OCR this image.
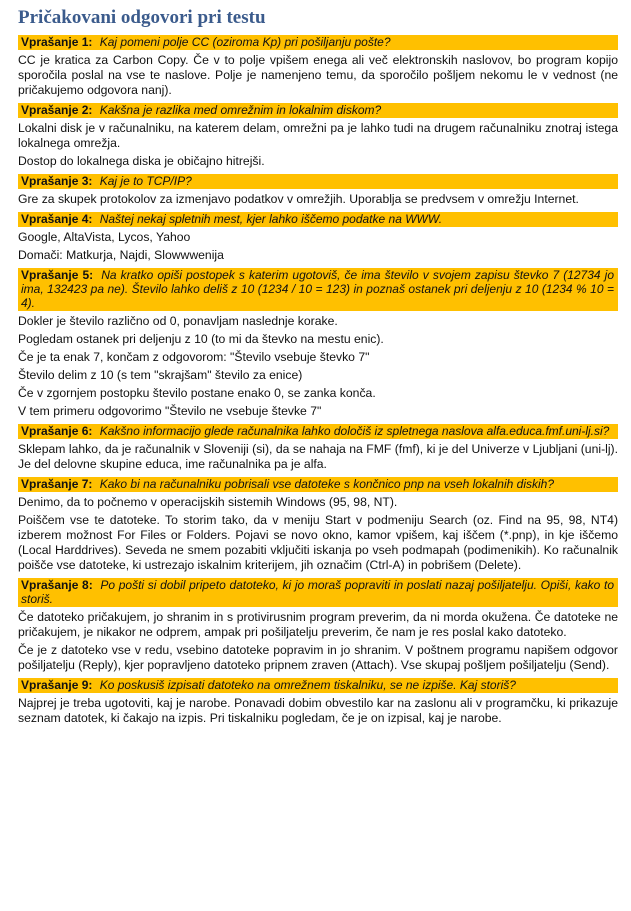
Pričakovani odgovori pri testu
Vprašanje 1: Kaj pomeni polje CC (oziroma Kp) pri pošiljanju pošte?
CC je kratica za Carbon Copy. Če v to polje vpišem enega ali več elektronskih naslovov, bo program kopijo sporočila poslal na vse te naslove. Polje je namenjeno temu, da sporočilo pošljem nekomu le v vednost (ne pričakujemo odgovora nanj).
Vprašanje 2: Kakšna je razlika med omrežnim in lokalnim diskom?
Lokalni disk je v računalniku, na katerem delam, omrežni pa je lahko tudi na drugem računalniku znotraj istega lokalnega omrežja.
Dostop do lokalnega diska je običajno hitrejši.
Vprašanje 3: Kaj je to TCP/IP?
Gre za skupek protokolov za izmenjavo podatkov v omrežjih. Uporablja se predvsem v omrežju Internet.
Vprašanje 4: Naštej nekaj spletnih mest, kjer lahko iščemo podatke na WWW.
Google, AltaVista, Lycos, Yahoo
Domači: Matkurja, Najdi, Slowwwenija
Vprašanje 5: Na kratko opiši postopek s katerim ugotoviš, če ima število v svojem zapisu števko 7 (12734 jo ima, 132423 pa ne). Število lahko deliš z 10 (1234 / 10 = 123) in poznaš ostanek pri deljenju z 10 (1234 % 10 = 4).
Dokler je število različno od 0, ponavljam naslednje korake.
Pogledam ostanek pri deljenju z 10 (to mi da števko na mestu enic).
Če je ta enak 7, končam z odgovorom: "Število vsebuje števko 7"
Število delim z 10 (s tem "skrajšam" število za enice)
Če v zgornjem postopku število postane enako 0, se zanka konča.
V tem primeru odgovorimo "Število ne vsebuje števke 7"
Vprašanje 6: Kakšno informacijo glede računalnika lahko določiš iz spletnega naslova alfa.educa.fmf.uni-lj.si?
Sklepam lahko, da je računalnik v Sloveniji (si), da se nahaja na FMF (fmf), ki je del Univerze v Ljubljani (uni-lj). Je del delovne skupine educa, ime računalnika pa je alfa.
Vprašanje 7: Kako bi na računalniku pobrisali vse datoteke s končnico pnp na vseh lokalnih diskih?
Denimo, da to počnemo v operacijskih sistemih Windows (95, 98, NT).
Poiščem vse te datoteke. To storim tako, da v meniju Start v podmeniju Search (oz. Find na 95, 98, NT4) izberem možnost For Files or Folders. Pojavi se novo okno, kamor vpišem, kaj iščem (*.pnp), in kje iščemo (Local Harddrives). Seveda ne smem pozabiti vključiti iskanja po vseh podmapah (podimenikih). Ko računalnik poišče vse datoteke, ki ustrezajo iskalnim kriterijem, jih označim (Ctrl-A) in pobrišem (Delete).
Vprašanje 8: Po pošti si dobil pripeto datoteko, ki jo moraš popraviti in poslati nazaj pošiljatelju. Opiši, kako to storiš.
Če datoteko pričakujem, jo shranim in s protivirusnim program preverim, da ni morda okužena. Če datoteke ne pričakujem, je nikakor ne odprem, ampak pri pošiljatelju preverim, če nam je res poslal kako datoteko.
Če je z datoteko vse v redu, vsebino datoteke popravim in jo shranim. V poštnem programu napišem odgovor pošiljatelju (Reply), kjer popravljeno datoteko pripnem zraven (Attach). Vse skupaj pošljem pošiljatelju (Send).
Vprašanje 9: Ko poskusiš izpisati datoteko na omrežnem tiskalniku, se ne izpiše. Kaj storiš?
Najprej je treba ugotoviti, kaj je narobe. Ponavadi dobim obvestilo kar na zaslonu ali v programčku, ki prikazuje seznam datotek, ki čakajo na izpis. Pri tiskalniku pogledam, če je on izpisal, kaj je narobe.
